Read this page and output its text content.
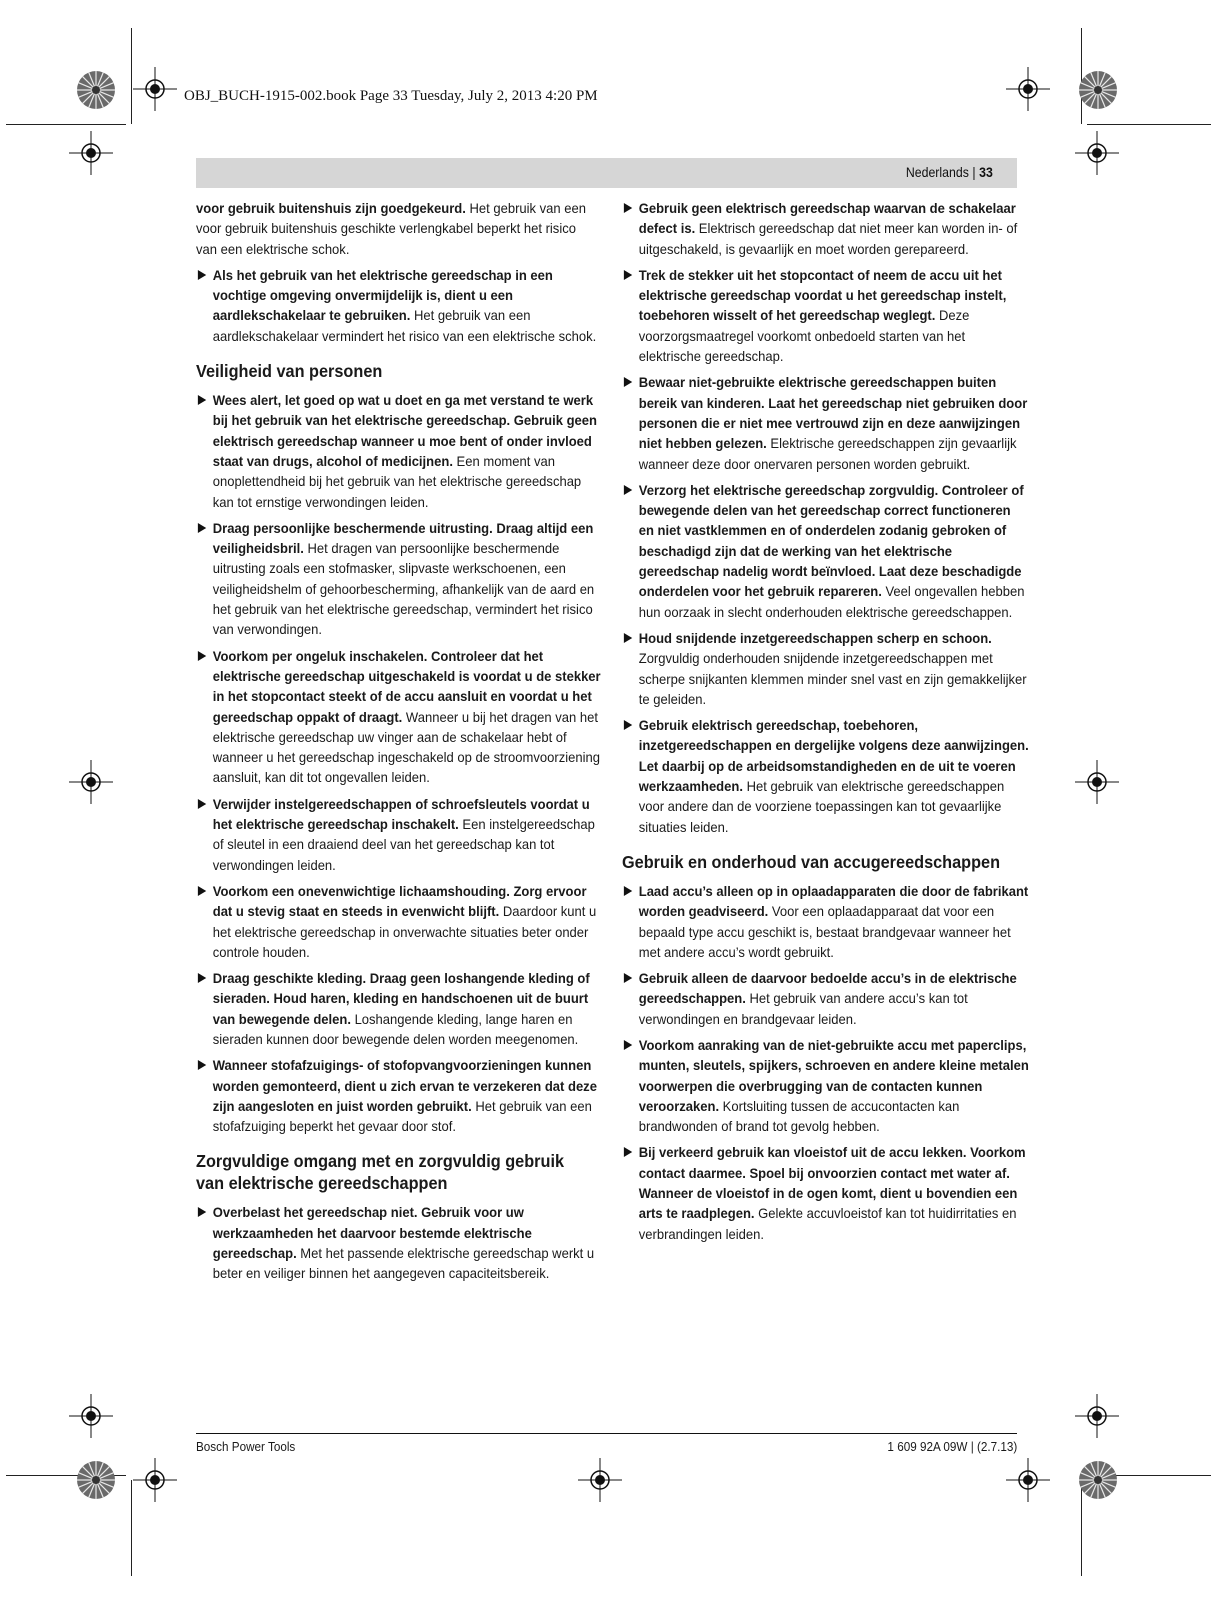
OBJ_BUCH-1915-002.book Page 33 Tuesday, July 2, 2013 4:20 PM
Nederlands | 33

voor gebruik buitenshuis zijn goedgekeurd. Het gebruik van een voor gebruik buitenshuis geschikte verlengkabel beperkt het risico van een elektrische schok.

Als het gebruik van het elektrische gereedschap in een vochtige omgeving onvermijdelijk is, dient u een aardlekschakelaar te gebruiken. Het gebruik van een aardlekschakelaar vermindert het risico van een elektrische schok.
Veiligheid van personen
Wees alert, let goed op wat u doet en ga met verstand te werk bij het gebruik van het elektrische gereedschap. Gebruik geen elektrisch gereedschap wanneer u moe bent of onder invloed staat van drugs, alcohol of medicijnen. Een moment van onoplettendheid bij het gebruik van het elektrische gereedschap kan tot ernstige verwondingen leiden.
Draag persoonlijke beschermende uitrusting. Draag altijd een veiligheidsbril. Het dragen van persoonlijke beschermende uitrusting zoals een stofmasker, slipvaste werkschoenen, een veiligheidshelm of gehoorbescherming, afhankelijk van de aard en het gebruik van het elektrische gereedschap, vermindert het risico van verwondingen.
Voorkom per ongeluk inschakelen. Controleer dat het elektrische gereedschap uitgeschakeld is voordat u de stekker in het stopcontact steekt of de accu aansluit en voordat u het gereedschap oppakt of draagt. Wanneer u bij het dragen van het elektrische gereedschap uw vinger aan de schakelaar hebt of wanneer u het gereedschap ingeschakeld op de stroomvoorziening aansluit, kan dit tot ongevallen leiden.
Verwijder instelgereedschappen of schroefsleutels voordat u het elektrische gereedschap inschakelt. Een instelgereedschap of sleutel in een draaiend deel van het gereedschap kan tot verwondingen leiden.
Voorkom een onevenwichtige lichaamshouding. Zorg ervoor dat u stevig staat en steeds in evenwicht blijft. Daardoor kunt u het elektrische gereedschap in onverwachte situaties beter onder controle houden.
Draag geschikte kleding. Draag geen loshangende kleding of sieraden. Houd haren, kleding en handschoenen uit de buurt van bewegende delen. Loshangende kleding, lange haren en sieraden kunnen door bewegende delen worden meegenomen.
Wanneer stofafzuigings- of stofopvangvoorzieningen kunnen worden gemonteerd, dient u zich ervan te verzekeren dat deze zijn aangesloten en juist worden gebruikt. Het gebruik van een stofafzuiging beperkt het gevaar door stof.
Zorgvuldige omgang met en zorgvuldig gebruik van elektrische gereedschappen
Overbelast het gereedschap niet. Gebruik voor uw werkzaamheden het daarvoor bestemde elektrische gereedschap. Met het passende elektrische gereedschap werkt u beter en veiliger binnen het aangegeven capaciteitsbereik.
Gebruik geen elektrisch gereedschap waarvan de schakelaar defect is. Elektrisch gereedschap dat niet meer kan worden in- of uitgeschakeld, is gevaarlijk en moet worden gerepareerd.
Trek de stekker uit het stopcontact of neem de accu uit het elektrische gereedschap voordat u het gereedschap instelt, toebehoren wisselt of het gereedschap weglegt. Deze voorzorgsmaatregel voorkomt onbedoeld starten van het elektrische gereedschap.
Bewaar niet-gebruikte elektrische gereedschappen buiten bereik van kinderen. Laat het gereedschap niet gebruiken door personen die er niet mee vertrouwd zijn en deze aanwijzingen niet hebben gelezen. Elektrische gereedschappen zijn gevaarlijk wanneer deze door onervaren personen worden gebruikt.
Verzorg het elektrische gereedschap zorgvuldig. Controleer of bewegende delen van het gereedschap correct functioneren en niet vastklemmen en of onderdelen zodanig gebroken of beschadigd zijn dat de werking van het elektrische gereedschap nadelig wordt beïnvloed. Laat deze beschadigde onderdelen voor het gebruik repareren. Veel ongevallen hebben hun oorzaak in slecht onderhouden elektrische gereedschappen.
Houd snijdende inzetgereedschappen scherp en schoon. Zorgvuldig onderhouden snijdende inzetgereedschappen met scherpe snijkanten klemmen minder snel vast en zijn gemakkelijker te geleiden.
Gebruik elektrisch gereedschap, toebehoren, inzetgereedschappen en dergelijke volgens deze aanwijzingen. Let daarbij op de arbeidsomstandigheden en de uit te voeren werkzaamheden. Het gebruik van elektrische gereedschappen voor andere dan de voorziene toepassingen kan tot gevaarlijke situaties leiden.
Gebruik en onderhoud van accugereedschappen
Laad accu’s alleen op in oplaadapparaten die door de fabrikant worden geadviseerd. Voor een oplaadapparaat dat voor een bepaald type accu geschikt is, bestaat brandgevaar wanneer het met andere accu’s wordt gebruikt.
Gebruik alleen de daarvoor bedoelde accu’s in de elektrische gereedschappen. Het gebruik van andere accu’s kan tot verwondingen en brandgevaar leiden.
Voorkom aanraking van de niet-gebruikte accu met paperclips, munten, sleutels, spijkers, schroeven en andere kleine metalen voorwerpen die overbrugging van de contacten kunnen veroorzaken. Kortsluiting tussen de accucontacten kan brandwonden of brand tot gevolg hebben.
Bij verkeerd gebruik kan vloeistof uit de accu lekken. Voorkom contact daarmee. Spoel bij onvoorzien contact met water af. Wanneer de vloeistof in de ogen komt, dient u bovendien een arts te raadplegen. Gelekte accuvloeistof kan tot huidirritaties en verbrandingen leiden.
Bosch Power Tools	1 609 92A 09W | (2.7.13)
